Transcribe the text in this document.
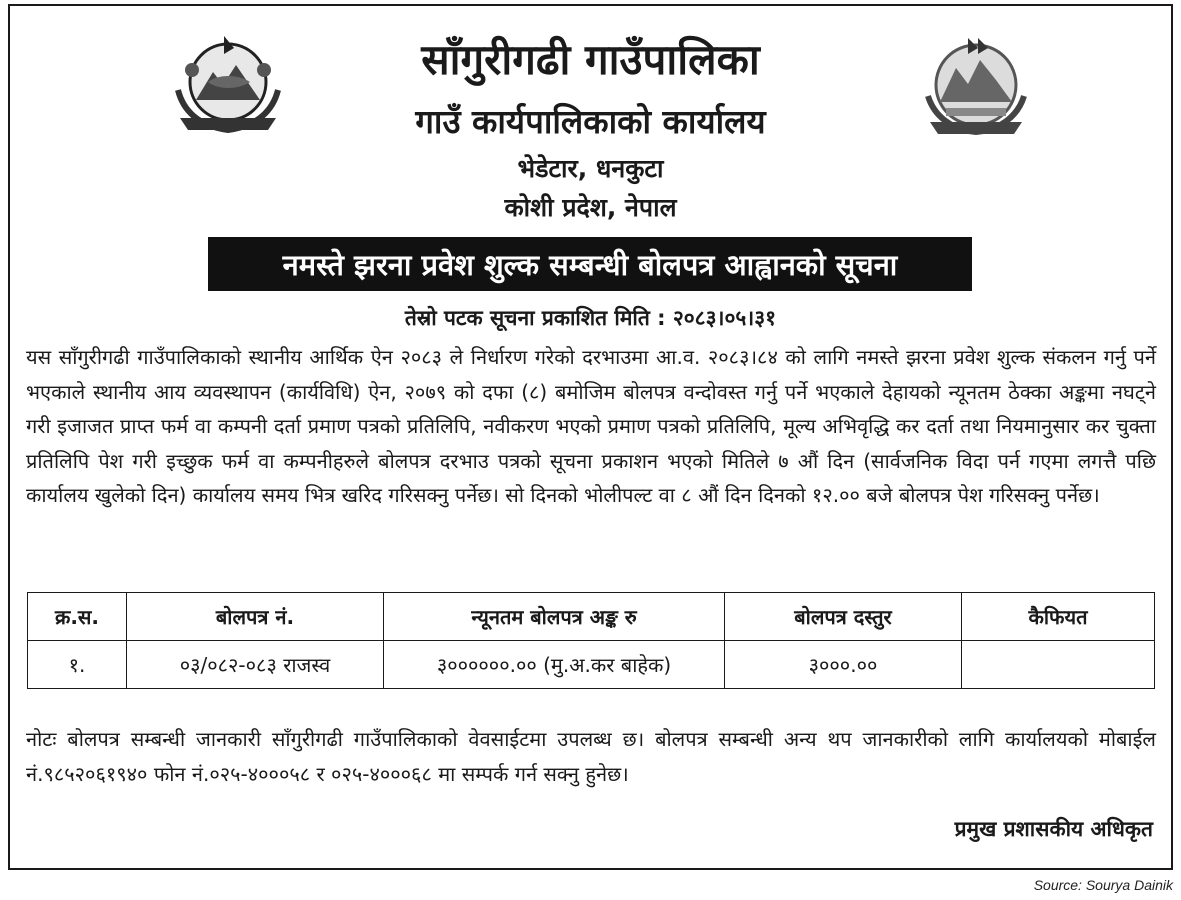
साँगुरीगढी गाउँपालिका
गाउँ कार्यपालिकाको कार्यालय
भेडेटार, धनकुटा
कोशी प्रदेश, नेपाल
नमस्ते झरना प्रवेश शुल्क सम्बन्धी बोलपत्र आह्वानको सूचना
तेस्रो पटक सूचना प्रकाशित मिति : २०८३।०५।३१

यस साँगुरीगढी गाउँपालिकाको स्थानीय आर्थिक ऐन २०८३ ले निर्धारण गरेको दरभाउमा आ.व. २०८३।८४ को लागि नमस्ते झरना प्रवेश शुल्क संकलन गर्नु पर्ने भएकाले स्थानीय आय व्यवस्थापन (कार्यविधि) ऐन, २०७९ को दफा (८) बमोजिम बोलपत्र वन्दोवस्त गर्नु पर्ने भएकाले देहायको न्यूनतम ठेक्का अङ्कमा नघट्ने गरी इजाजत प्राप्त फर्म वा कम्पनी दर्ता प्रमाण पत्रको प्रतिलिपि, नवीकरण भएको प्रमाण पत्रको प्रतिलिपि, मूल्य अभिवृद्धि कर दर्ता तथा नियमानुसार कर चुक्ता प्रतिलिपि पेश गरी इच्छुक फर्म वा कम्पनीहरुले बोलपत्र दरभाउ पत्रको सूचना प्रकाशन भएको मितिले ७ औं दिन (सार्वजनिक विदा पर्न गएमा लगत्तै पछि कार्यालय खुलेको दिन) कार्यालय समय भित्र खरिद गरिसक्नु पर्नेछ। सो दिनको भोलीपल्ट वा ८ औं दिन दिनको १२.०० बजे बोलपत्र पेश गरिसक्नु पर्नेछ।

क्र.स.	बोलपत्र नं.	न्यूनतम बोलपत्र अङ्क रु	बोलपत्र दस्तुर	कैफियत
१.	०३/०८२-०८३ राजस्व	३००००००.०० (मु.अ.कर बाहेक)	३०००.००	

नोटः बोलपत्र सम्बन्धी जानकारी साँगुरीगढी गाउँपालिकाको वेवसाईटमा उपलब्ध छ। बोलपत्र सम्बन्धी अन्य थप जानकारीको लागि कार्यालयको मोबाईल नं.९८५२०६१९४० फोन नं.०२५-४०००५८ र ०२५-४०००६८ मा सम्पर्क गर्न सक्नु हुनेछ।

प्रमुख प्रशासकीय अधिकृत
Source: Sourya Dainik
